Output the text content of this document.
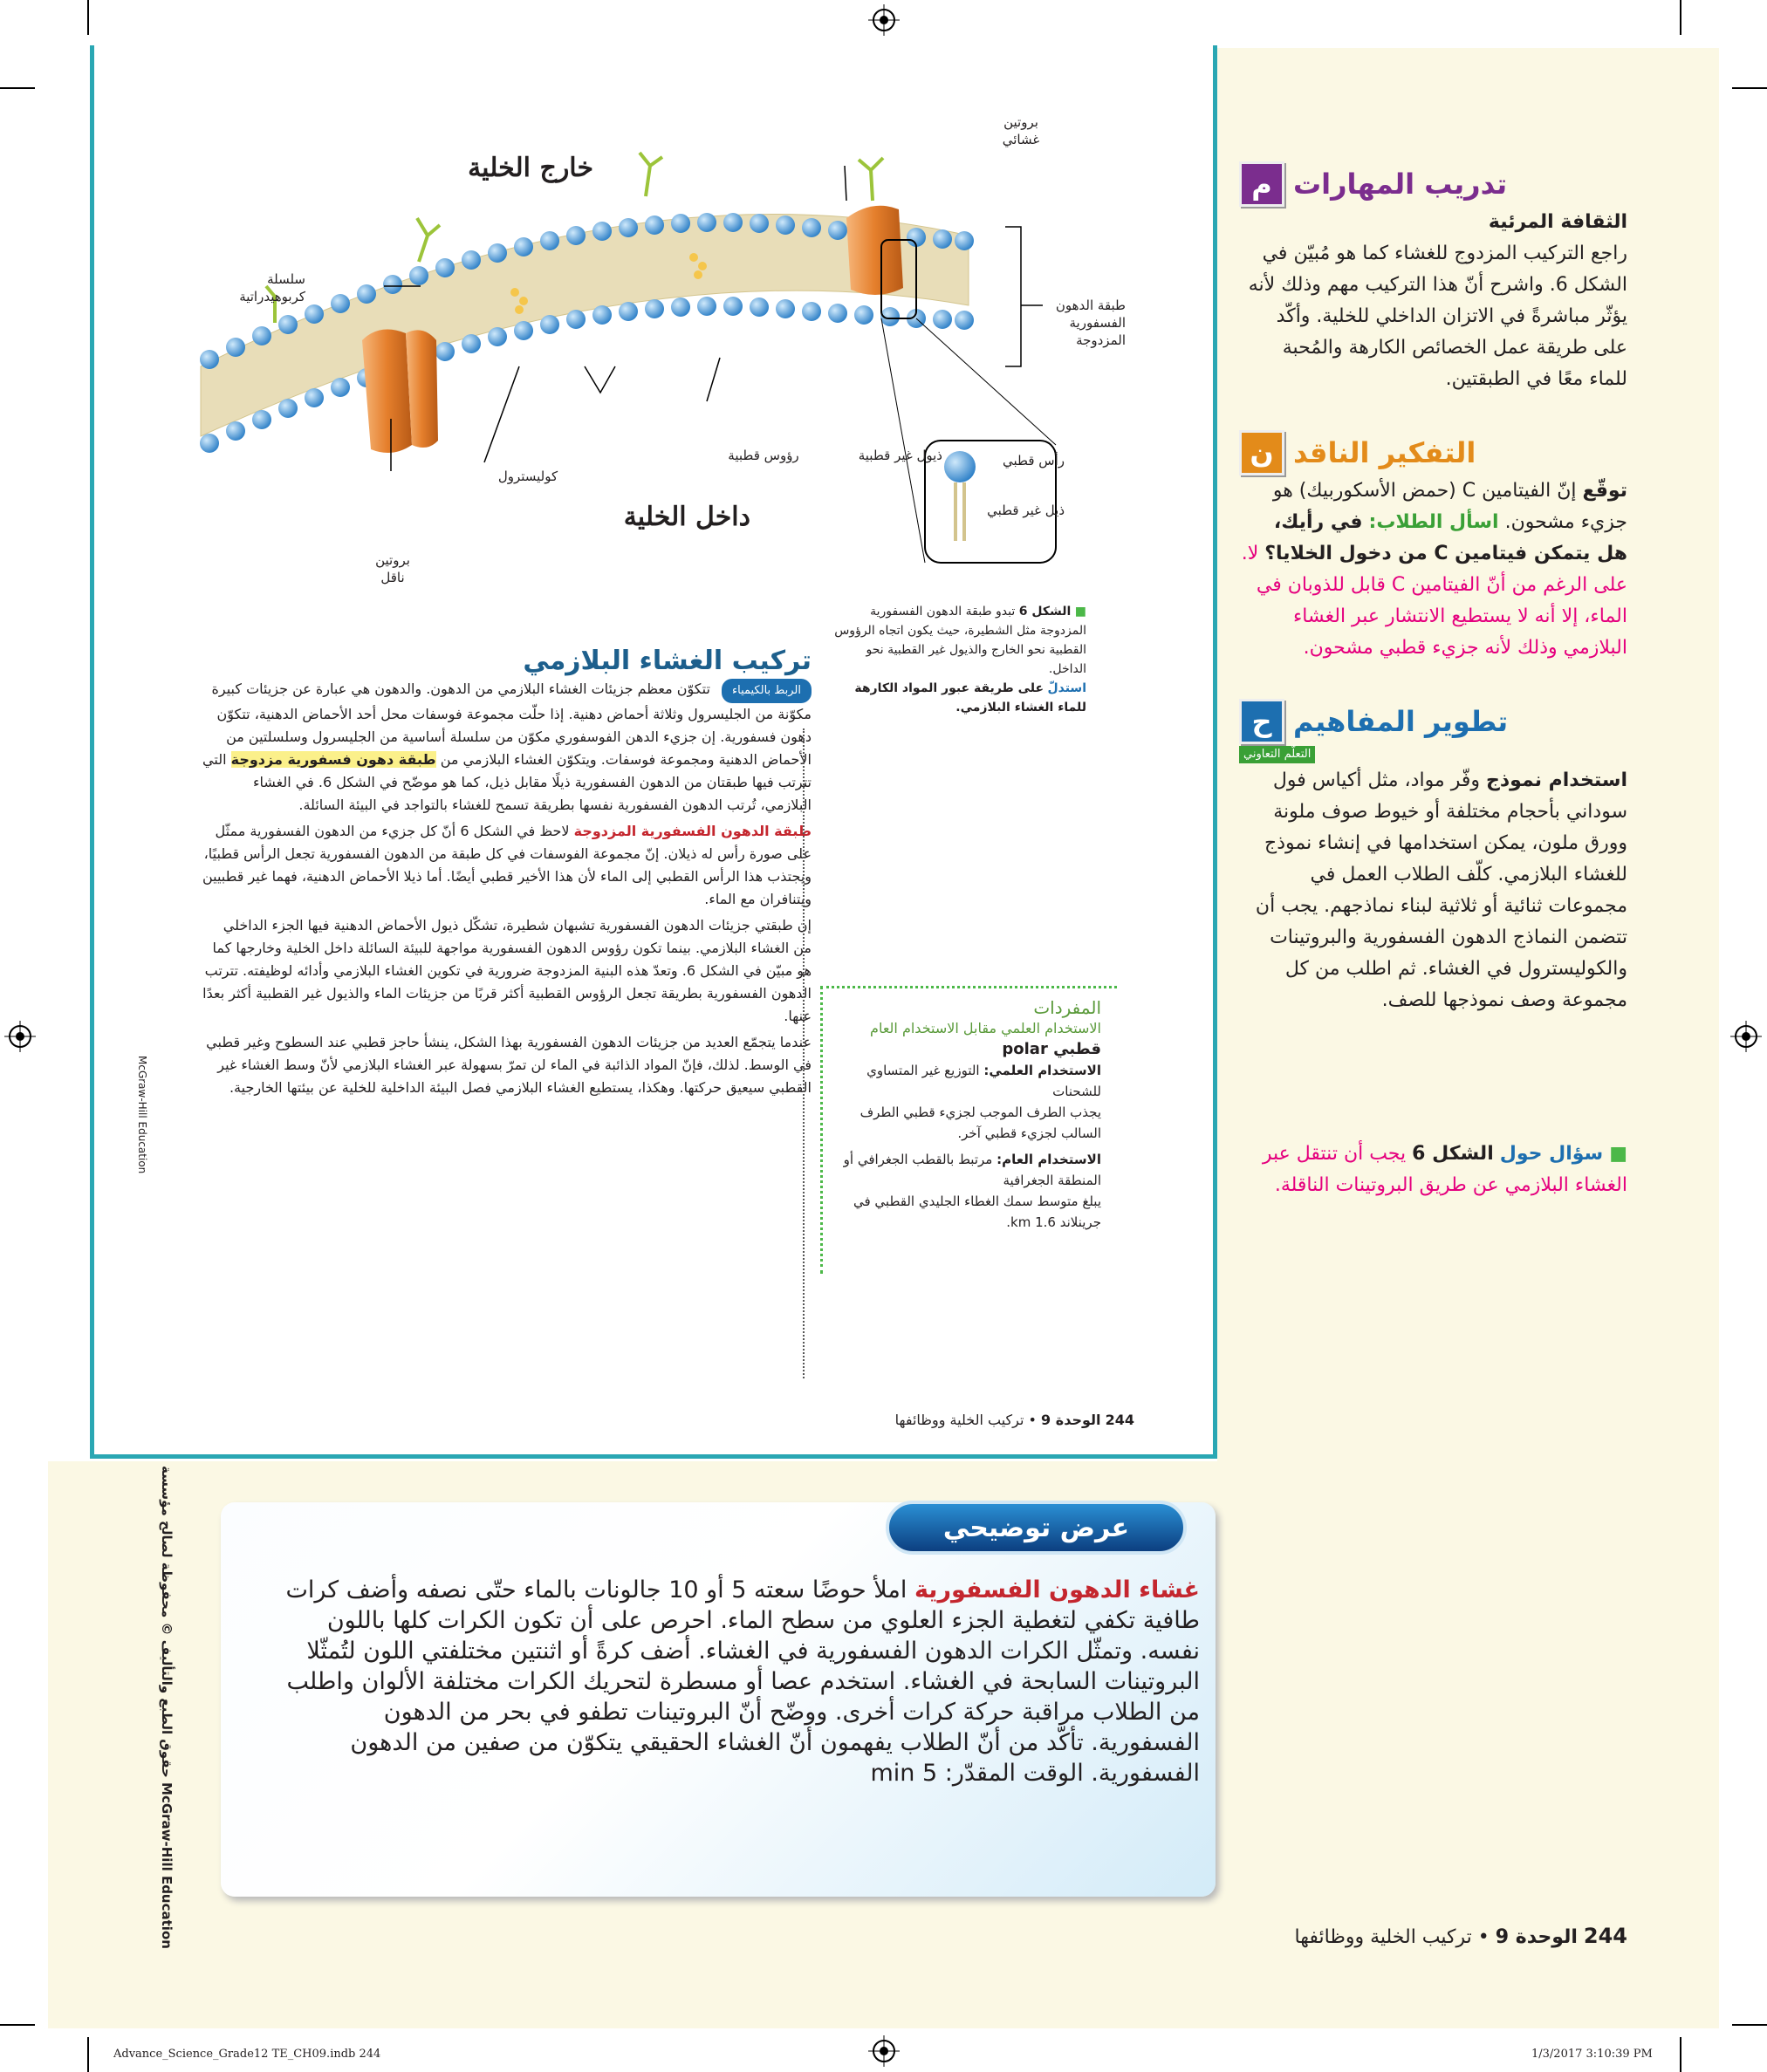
بروتين
غشائي
خارج الخلية
سلسلة
كربوهيدراتية
طبقة الدهون
الفسفورية
المزدوجة
رؤوس قطبية	ذيول غير قطبية
كوليسترول
داخل الخلية
بروتين
ناقل
رأس قطبي
ذيل غير قطبي
■ الشكل 6 تبدو طبقة الدهون الفسفورية المزدوجة مثل الشطيرة، حيث يكون اتجاه الرؤوس القطبية نحو الخارج والذيول غير القطبية نحو الداخل.
استدلّ على طريقة عبور المواد الكارهة للماء الغشاء البلازمي.
تركيب الغشاء البلازمي

الربط بالكيمياء تتكوّن معظم جزيئات الغشاء البلازمي من الدهون. والدهون هي عبارة عن جزيئات كبيرة مكوّنة من الجليسرول وثلاثة أحماض دهنية. إذا حلّت مجموعة فوسفات محل أحد الأحماض الدهنية، تتكوّن دهون فسفورية. إن جزيء الدهن الفوسفوري مكوّن من سلسلة أساسية من الجليسرول وسلسلتين من الأحماض الدهنية ومجموعة فوسفات. ويتكوّن الغشاء البلازمي من طبقة دهون فسفورية مزدوجة التي تترتب فيها طبقتان من الدهون الفسفورية ذيلًا مقابل ذيل، كما هو موضّح في الشكل 6. في الغشاء البلازمي، تُرتب الدهون الفسفورية نفسها بطريقة تسمح للغشاء بالتواجد في البيئة السائلة.

طبقة الدهون الفسفورية المزدوجة لاحظ في الشكل 6 أنّ كل جزيء من الدهون الفسفورية ممثّل على صورة رأس له ذيلان. إنّ مجموعة الفوسفات في كل طبقة من الدهون الفسفورية تجعل الرأس قطبيًا، ويجتذب هذا الرأس القطبي إلى الماء لأن هذا الأخير قطبي أيضًا. أما ذيلا الأحماض الدهنية، فهما غير قطبيين ويتنافران مع الماء.

إن طبقتي جزيئات الدهون الفسفورية تشبهان شطيرة، تشكّل ذيول الأحماض الدهنية فيها الجزء الداخلي من الغشاء البلازمي. بينما تكون رؤوس الدهون الفسفورية مواجهة للبيئة السائلة داخل الخلية وخارجها كما هو مبيّن في الشكل 6. وتعدّ هذه البنية المزدوجة ضرورية في تكوين الغشاء البلازمي وأدائه لوظيفته. تترتب الدهون الفسفورية بطريقة تجعل الرؤوس القطبية أكثر قربًا من جزيئات الماء والذيول غير القطبية أكثر بعدًا عنها.

عندما يتجمّع العديد من جزيئات الدهون الفسفورية بهذا الشكل، ينشأ حاجز قطبي عند السطوح وغير قطبي في الوسط. لذلك، فإنّ المواد الذائبة في الماء لن تمرّ بسهولة عبر الغشاء البلازمي لأنّ وسط الغشاء غير القطبي سيعيق حركتها. وهكذا، يستطيع الغشاء البلازمي فصل البيئة الداخلية للخلية عن بيئتها الخارجية.

المفردات
الاستخدام العلمي مقابل الاستخدام العام
قطبي polar
الاستخدام العلمي: التوزيع غير المتساوي للشحنات
يجذب الطرف الموجب لجزيء قطبي الطرف السالب لجزيء قطبي آخر.
الاستخدام العام: مرتبط بالقطب الجغرافي أو المنطقة الجغرافية
يبلغ متوسط سمك الغطاء الجليدي القطبي في جرينلاند 1.6 km.
244 الوحدة 9 • تركيب الخلية ووظائفها
McGraw-Hill Education
حقوق الطبع والتأليف © محفوظة لصالح مؤسسة McGraw-Hill Education
م تدريب المهارات
الثقافة المرئية
راجع التركيب المزدوج للغشاء كما هو مُبيّن في الشكل 6. واشرح أنّ هذا التركيب مهم وذلك لأنه يؤثّر مباشرةً في الاتزان الداخلي للخلية. وأكّد على طريقة عمل الخصائص الكارهة والمُحبة للماء معًا في الطبقتين.
ن التفكير الناقد
توقّع إنّ الفيتامين C (حمض الأسكوربيك) هو جزيء مشحون. اسأل الطلاب: في رأيك، هل يتمكن فيتامين C من دخول الخلايا؟ لا. على الرغم من أنّ الفيتامين C قابل للذوبان في الماء، إلا أنه لا يستطيع الانتشار عبر الغشاء البلازمي وذلك لأنه جزيء قطبي مشحون.
ح تطوير المفاهيم
التعلّم التعاوني
استخدام نموذج وفّر مواد، مثل أكياس فول سوداني بأحجام مختلفة أو خيوط صوف ملونة وورق ملون، يمكن استخدامها في إنشاء نموذج للغشاء البلازمي. كلّف الطلاب العمل في مجموعات ثنائية أو ثلاثية لبناء نماذجهم. يجب أن تتضمن النماذج الدهون الفسفورية والبروتينات والكوليسترول في الغشاء. ثم اطلب من كل مجموعة وصف نموذجها للصف.
■ سؤال حول الشكل 6 يجب أن تنتقل عبر الغشاء البلازمي عن طريق البروتينات الناقلة.
عرض توضيحي
غشاء الدهون الفسفورية املأ حوضًا سعته 5 أو 10 جالونات بالماء حتّى نصفه وأضف كرات طافية تكفي لتغطية الجزء العلوي من سطح الماء. احرص على أن تكون الكرات كلها باللون نفسه. وتمثّل الكرات الدهون الفسفورية في الغشاء. أضف كرةً أو اثنتين مختلفتي اللون لتُمثّلا البروتينات السابحة في الغشاء. استخدم عصا أو مسطرة لتحريك الكرات مختلفة الألوان واطلب من الطلاب مراقبة حركة كرات أخرى. ووضّح أنّ البروتينات تطفو في بحر من الدهون الفسفورية. تأكّد من أنّ الطلاب يفهمون أنّ الغشاء الحقيقي يتكوّن من صفين من الدهون الفسفورية. الوقت المقدّر: 5 min
244 الوحدة 9 • تركيب الخلية ووظائفها
Advance_Science_Grade12 TE_CH09.indb 244	1/3/2017 3:10:39 PM
